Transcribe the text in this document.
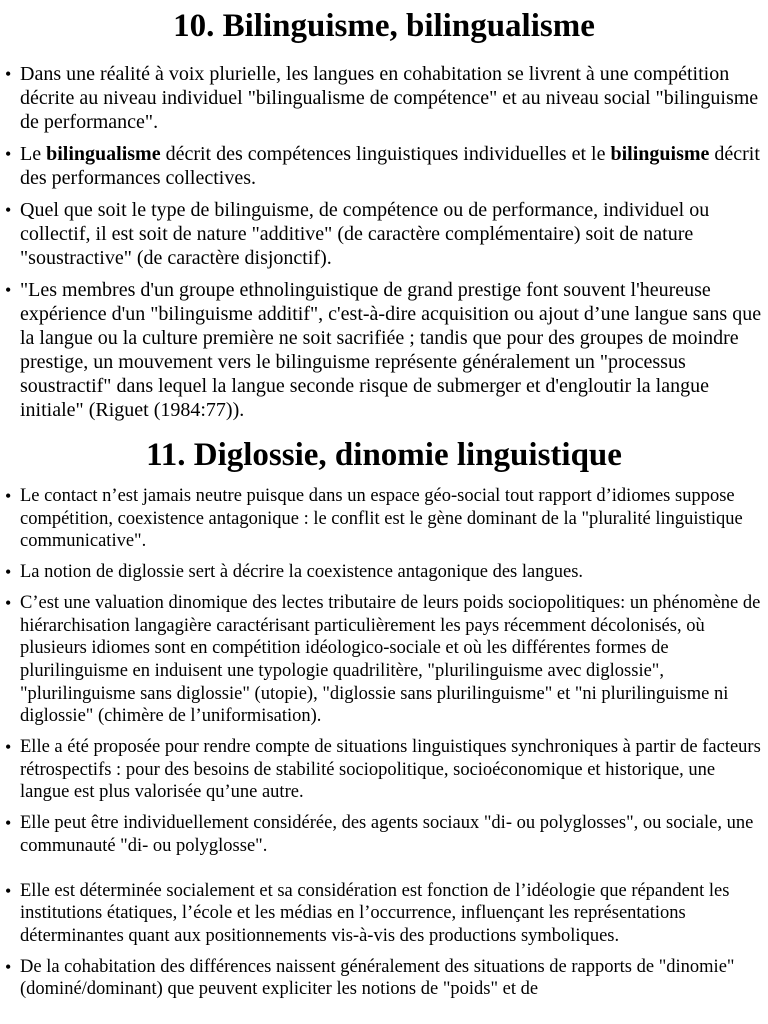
10. Bilinguisme, bilingualisme
• Dans une réalité à voix plurielle, les langues en cohabitation se livrent à une compétition décrite au niveau individuel "bilingualisme de compétence" et au niveau social "bilinguisme de performance".
• Le bilingualisme décrit des compétences linguistiques individuelles et le bilinguisme décrit des performances collectives.
• Quel que soit le type de bilinguisme, de compétence ou de performance, individuel ou collectif, il est soit de nature "additive" (de caractère complémentaire) soit de nature "soustractive" (de caractère disjonctif).
• "Les membres d'un groupe ethnolinguistique de grand prestige font souvent l'heureuse expérience d'un "bilinguisme additif", c'est-à-dire acquisition ou ajout d’une langue sans que la langue ou la culture première ne soit sacrifiée ; tandis que pour des groupes de moindre prestige, un mouvement vers le bilinguisme représente généralement un "processus soustractif" dans lequel la langue seconde risque de submerger et d'engloutir la langue initiale" (Riguet (1984:77)).
11. Diglossie, dinomie linguistique
• Le contact n’est jamais neutre puisque dans un espace géo-social tout rapport d’idiomes suppose compétition, coexistence antagonique : le conflit est le gène dominant de la "pluralité linguistique communicative".
• La notion de diglossie sert à décrire la coexistence antagonique des langues.
• C’est une valuation dinomique des lectes tributaire de leurs poids sociopolitiques: un phénomène de hiérarchisation langagière caractérisant particulièrement les pays récemment décolonisés, où plusieurs idiomes sont en compétition idéologico-sociale et où les différentes formes de plurilinguisme en induisent une typologie quadrilitère, "plurilinguisme avec diglossie", "plurilinguisme sans diglossie" (utopie), "diglossie sans plurilinguisme" et "ni plurilinguisme ni diglossie" (chimère de l’uniformisation).
• Elle a été proposée pour rendre compte de situations linguistiques synchroniques à partir de facteurs rétrospectifs : pour des besoins de stabilité sociopolitique, socioéconomique et historique, une langue est plus valorisée qu’une autre.
• Elle peut être individuellement considérée, des agents sociaux "di- ou polyglosses", ou sociale, une communauté "di- ou polyglosse".
• Elle est déterminée socialement et sa considération est fonction de l’idéologie que répandent les institutions étatiques, l’école et les médias en l’occurrence, influençant les représentations déterminantes quant aux positionnements vis-à-vis des productions symboliques.
• De la cohabitation des différences naissent généralement des situations de rapports de "dinomie" (dominé/dominant) que peuvent expliciter les notions de "poids" et de
